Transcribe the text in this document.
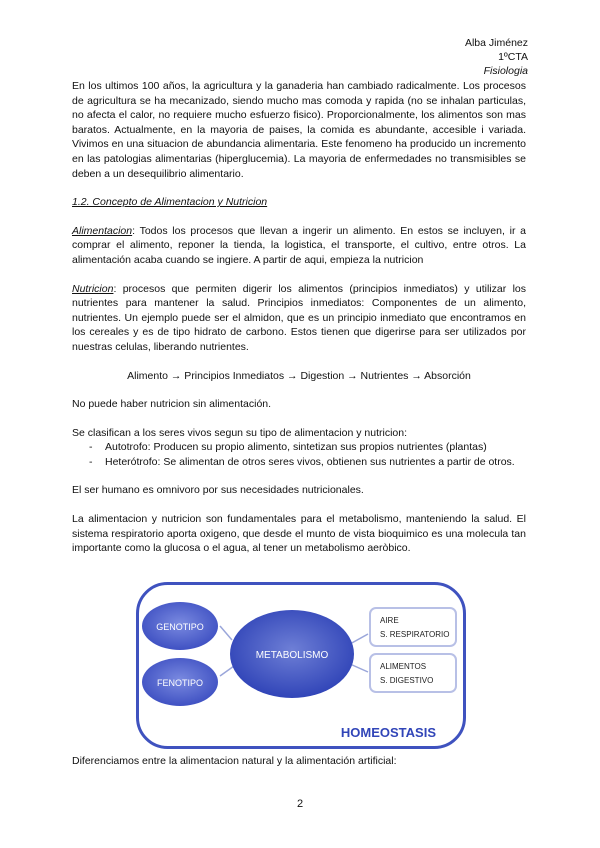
Alba Jiménez
1ºCTA
Fisiologia

En los ultimos 100 años, la agricultura y la ganaderia han cambiado radicalmente. Los procesos de agricultura se ha mecanizado, siendo mucho mas comoda y rapida (no se inhalan particulas, no afecta el calor, no requiere mucho esfuerzo fisico). Proporcionalmente, los alimentos son mas baratos. Actualmente, en la mayoria de paises, la comida es abundante, accesible i variada. Vivimos en una situacion de abundancia alimentaria. Este fenomeno ha producido un incremento en las patologias alimentarias (hiperglucemia). La mayoria de enfermedades no transmisibles se deben a un desequilibrio alimentario.

1.2. Concepto de Alimentacion y Nutricion

Alimentacion: Todos los procesos que llevan a ingerir un alimento. En estos se incluyen, ir a comprar el alimento, reponer la tienda, la logistica, el transporte, el cultivo, entre otros. La alimentación acaba cuando se ingiere. A partir de aqui, empieza la nutricion

Nutricion: procesos que permiten digerir los alimentos (principios inmediatos) y utilizar los nutrientes para mantener la salud. Principios inmediatos: Componentes de un alimento, nutrientes. Un ejemplo puede ser el almidon, que es un principio inmediato que encontramos en los cereales y es de tipo hidrato de carbono. Estos tienen que digerirse para ser utilizados por nuestras celulas, liberando nutrientes.

Alimento → Principios Inmediatos → Digestion → Nutrientes → Absorción

No puede haber nutricion sin alimentación.

Se clasifican a los seres vivos segun su tipo de alimentacion y nutricion:

- Autotrofo: Producen su propio alimento, sintetizan sus propios nutrientes (plantas)
- Heterótrofo: Se alimentan de otros seres vivos, obtienen sus nutrientes a partir de otros.

El ser humano es omnivoro por sus necesidades nutricionales.

La alimentacion y nutricion son fundamentales para el metabolismo, manteniendo la salud. El sistema respiratorio aporta oxigeno, que desde el munto de vista bioquimico es una molecula tan importante como la glucosa o el agua, al tener un metabolismo aeròbico.

GENOTIPO
FENOTIPO
METABOLISMO
AIRE
S. RESPIRATORIO
ALIMENTOS
S. DIGESTIVO
HOMEOSTASIS

Diferenciamos entre la alimentacion natural y la alimentación artificial:

2
